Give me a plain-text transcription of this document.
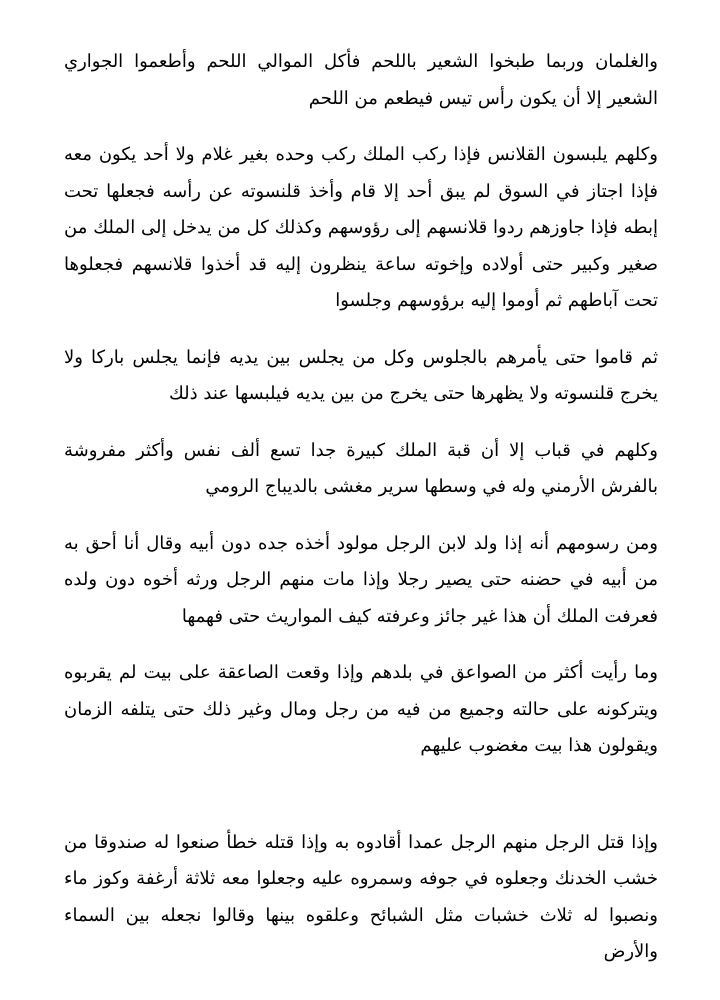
والغلمان وربما طبخوا الشعير باللحم فأكل الموالي اللحم وأطعموا الجواري الشعير إلا أن يكون رأس تيس فيطعم من اللحم

وكلهم يلبسون القلانس فإذا ركب الملك ركب وحده بغير غلام ولا أحد يكون معه فإذا اجتاز في السوق لم يبق أحد إلا قام وأخذ قلنسوته عن رأسه فجعلها تحت إبطه فإذا جاوزهم ردوا قلانسهم إلى رؤوسهم وكذلك كل من يدخل إلى الملك من صغير وكبير حتى أولاده وإخوته ساعة ينظرون إليه قد أخذوا قلانسهم فجعلوها تحت آباطهم ثم أوموا إليه برؤوسهم وجلسوا

ثم قاموا حتى يأمرهم بالجلوس وكل من يجلس بين يديه فإنما يجلس باركا ولا يخرج قلنسوته ولا يظهرها حتى يخرج من بين يديه فيلبسها عند ذلك

وكلهم في قباب إلا أن قبة الملك كبيرة جدا تسع ألف نفس وأكثر مفروشة بالفرش الأرمني وله في وسطها سرير مغشى بالديباج الرومي

ومن رسومهم أنه إذا ولد لابن الرجل مولود أخذه جده دون أبيه وقال أنا أحق به من أبيه في حضنه حتى يصير رجلا وإذا مات منهم الرجل ورثه أخوه دون ولده فعرفت الملك أن هذا غير جائز وعرفته كيف المواريث حتى فهمها

وما رأيت أكثر من الصواعق في بلدهم وإذا وقعت الصاعقة على بيت لم يقربوه ويتركونه على حالته وجميع من فيه من رجل ومال وغير ذلك حتى يتلفه الزمان ويقولون هذا بيت مغضوب عليهم

وإذا قتل الرجل منهم الرجل عمدا أقادوه به وإذا قتله خطأ صنعوا له صندوقا من خشب الخدنك وجعلوه في جوفه وسمروه عليه وجعلوا معه ثلاثة أرغفة وكوز ماء ونصبوا له ثلاث خشبات مثل الشبائح وعلقوه بينها وقالوا نجعله بين السماء والأرض
